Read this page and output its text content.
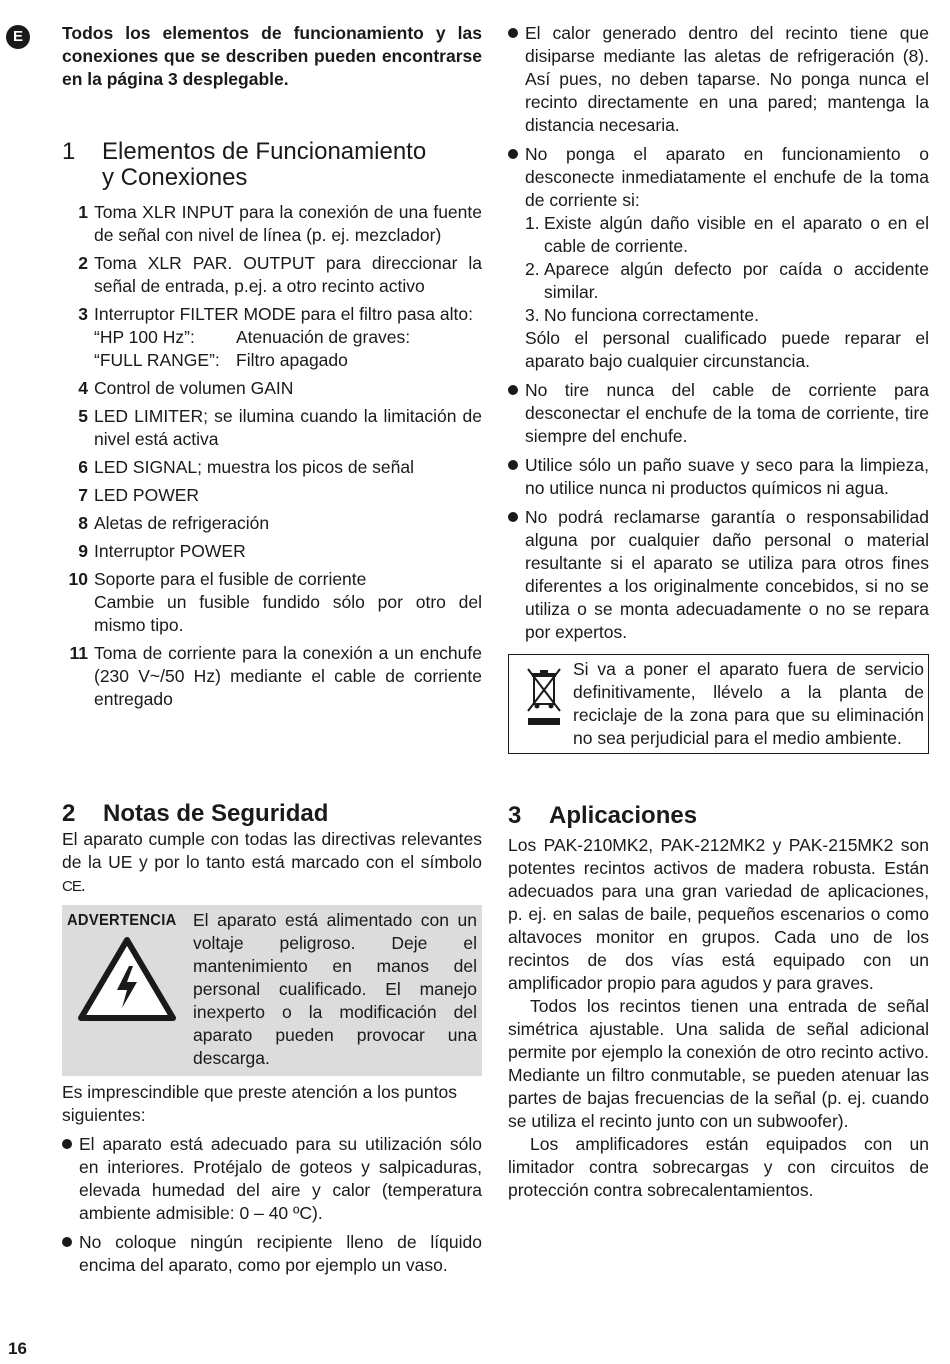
E	Todos los elementos de funcionamiento y las conexiones que se describen pueden encontrarse en la página 3 desplegable.

1	Elementos de Funcionamiento
y Conexiones
1 Toma XLR INPUT para la conexión de una fuente de señal con nivel de línea (p. ej. mezclador)
2 Toma XLR PAR. OUTPUT para direccionar la señal de entrada, p.ej. a otro recinto activo
3 Interruptor FILTER MODE para el filtro pasa alto:
“HP 100 Hz”:	Atenuación de graves:
“FULL RANGE”: Filtro apagado
4 Control de volumen GAIN
5 LED LIMITER; se ilumina cuando la limitación de nivel está activa
6 LED SIGNAL; muestra los picos de señal
7 LED POWER
8 Aletas de refrigeración
9 Interruptor POWER
10 Soporte para el fusible de corriente
Cambie un fusible fundido sólo por otro del mismo tipo.
11 Toma de corriente para la conexión a un enchufe (230 V~/50 Hz) mediante el cable de corriente entregado
2	Notas de Seguridad

El aparato cumple con todas las directivas relevantes de la UE y por lo tanto está marcado con el símbolo CE.

ADVERTENCIA El aparato está alimentado con un voltaje peligroso. Deje el mantenimiento en manos del personal cualificado. El manejo inexperto o la modificación del aparato pueden provocar una descarga.

Es imprescindible que preste atención a los puntos siguientes:

El aparato está adecuado para su utilización sólo en interiores. Protéjalo de goteos y salpicaduras, elevada humedad del aire y calor (temperatura ambiente admisible: 0 – 40 ºC).
No coloque ningún recipiente lleno de líquido encima del aparato, como por ejemplo un vaso.
El calor generado dentro del recinto tiene que disiparse mediante las aletas de refrigeración (8). Así pues, no deben taparse. No ponga nunca el recinto directamente en una pared; mantenga la distancia necesaria.
No ponga el aparato en funcionamiento o desconecte inmediatamente el enchufe de la toma de corriente si:
1. Existe algún daño visible en el aparato o en el cable de corriente.
2. Aparece algún defecto por caída o accidente similar.
3. No funciona correctamente.
Sólo el personal cualificado puede reparar el aparato bajo cualquier circunstancia.
No tire nunca del cable de corriente para desconectar el enchufe de la toma de corriente, tire siempre del enchufe.
Utilice sólo un paño suave y seco para la limpieza, no utilice nunca ni productos químicos ni agua.
No podrá reclamarse garantía o responsabilidad alguna por cualquier daño personal o material resultante si el aparato se utiliza para otros fines diferentes a los originalmente concebidos, si no se utiliza o se monta adecuadamente o no se repara por expertos.
Si va a poner el aparato fuera de servicio definitivamente, llévelo a la planta de reciclaje de la zona para que su eliminación no sea perjudicial para el medio ambiente.
3	Aplicaciones

Los PAK-210MK2, PAK-212MK2 y PAK-215MK2 son potentes recintos activos de madera robusta. Están adecuados para una gran variedad de aplicaciones, p. ej. en salas de baile, pequeños escenarios o como altavoces monitor en grupos. Cada uno de los recintos de dos vías está equipado con un amplificador propio para agudos y para graves.

Todos los recintos tienen una entrada de señal simétrica ajustable. Una salida de señal adicional permite por ejemplo la conexión de otro recinto activo. Mediante un filtro conmutable, se pueden atenuar las partes de bajas frecuencias de la señal (p. ej. cuando se utiliza el recinto junto con un subwoofer).

Los amplificadores están equipados con un limitador contra sobrecargas y con circuitos de protección contra sobrecalentamientos.

16
